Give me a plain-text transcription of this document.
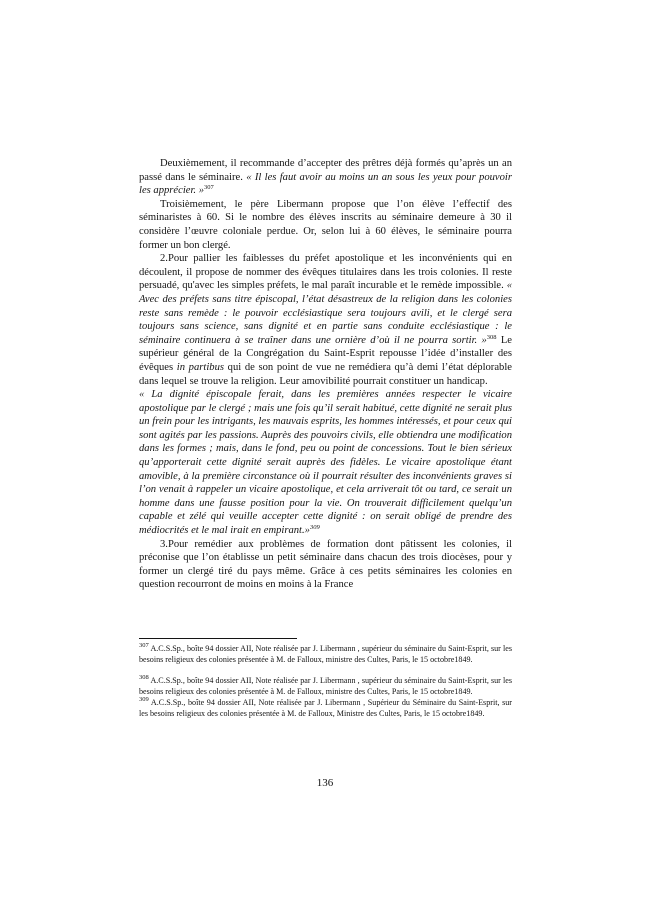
Deuxièmement, il recommande d’accepter des prêtres déjà formés qu’après un an passé dans le séminaire. « Il les faut avoir au moins un an sous les yeux pour pouvoir les apprécier. »$^{307}$

Troisièmement, le père Libermann propose que l’on élève l’effectif des séminaristes à 60. Si le nombre des élèves inscrits au séminaire demeure à 30 il considère l’œuvre coloniale perdue. Or, selon lui à 60 élèves, le séminaire pourra former un bon clergé.

2.Pour pallier les faiblesses du préfet apostolique et les inconvénients qui en découlent, il propose de nommer des évêques titulaires dans les trois colonies. Il reste persuadé, qu'avec les simples préfets, le mal paraît incurable et le remède impossible. « Avec des préfets sans titre épiscopal, l’état désastreux de la religion dans les colonies reste sans remède : le pouvoir ecclésiastique sera toujours avili, et le clergé sera toujours sans science, sans dignité et en partie sans conduite ecclésiastique : le séminaire continuera à se traîner dans une ornière d’où il ne pourra sortir. »$^{308}$ Le supérieur général de la Congrégation du Saint-Esprit repousse l’idée d’installer des évêques in partibus qui de son point de vue ne remédiera qu’à demi l’état déplorable dans lequel se trouve la religion. Leur amovibilité pourrait constituer un handicap.

« La dignité épiscopale ferait, dans les premières années respecter le vicaire apostolique par le clergé ; mais une fois qu’il serait habitué, cette dignité ne serait plus un frein pour les intrigants, les mauvais esprits, les hommes intéressés, et pour ceux qui sont agités par les passions. Auprès des pouvoirs civils, elle obtiendra une modification dans les formes ; mais, dans le fond, peu ou point de concessions. Tout le bien sérieux qu’apporterait cette dignité serait auprès des fidèles. Le vicaire apostolique étant amovible, à la première circonstance où il pourrait résulter des inconvénients graves si l’on venait à rappeler un vicaire apostolique, et cela arriverait tôt ou tard, ce serait un homme dans une fausse position pour la vie. On trouverait difficilement quelqu’un capable et zélé qui veuille accepter cette dignité : on serait obligé de prendre des médiocrités et le mal irait en empirant.»$^{309}$

3.Pour remédier aux problèmes de formation dont pâtissent les colonies, il préconise que l’on établisse un petit séminaire dans chacun des trois diocèses, pour y former un clergé tiré du pays même. Grâce à ces petits séminaires les colonies en question recourront de moins en moins à la France

$^{307}$ A.C.S.Sp., boîte 94 dossier AII, Note réalisée par J. Libermann , supérieur du séminaire du Saint-Esprit, sur les besoins religieux des colonies présentée à M. de Falloux, ministre des Cultes, Paris, le 15 octobre1849.

$^{308}$ A.C.S.Sp., boîte 94 dossier AII, Note réalisée par J. Libermann , supérieur du séminaire du Saint-Esprit, sur les besoins religieux des colonies présentée à M. de Falloux, ministre des Cultes, Paris, le 15 octobre1849.

$^{309}$ A.C.S.Sp., boîte 94 dossier AII, Note réalisée par J. Libermann , Supérieur du Séminaire du Saint-Esprit, sur les besoins religieux des colonies présentée à M. de Falloux, Ministre des Cultes, Paris, le 15 octobre1849.

136
